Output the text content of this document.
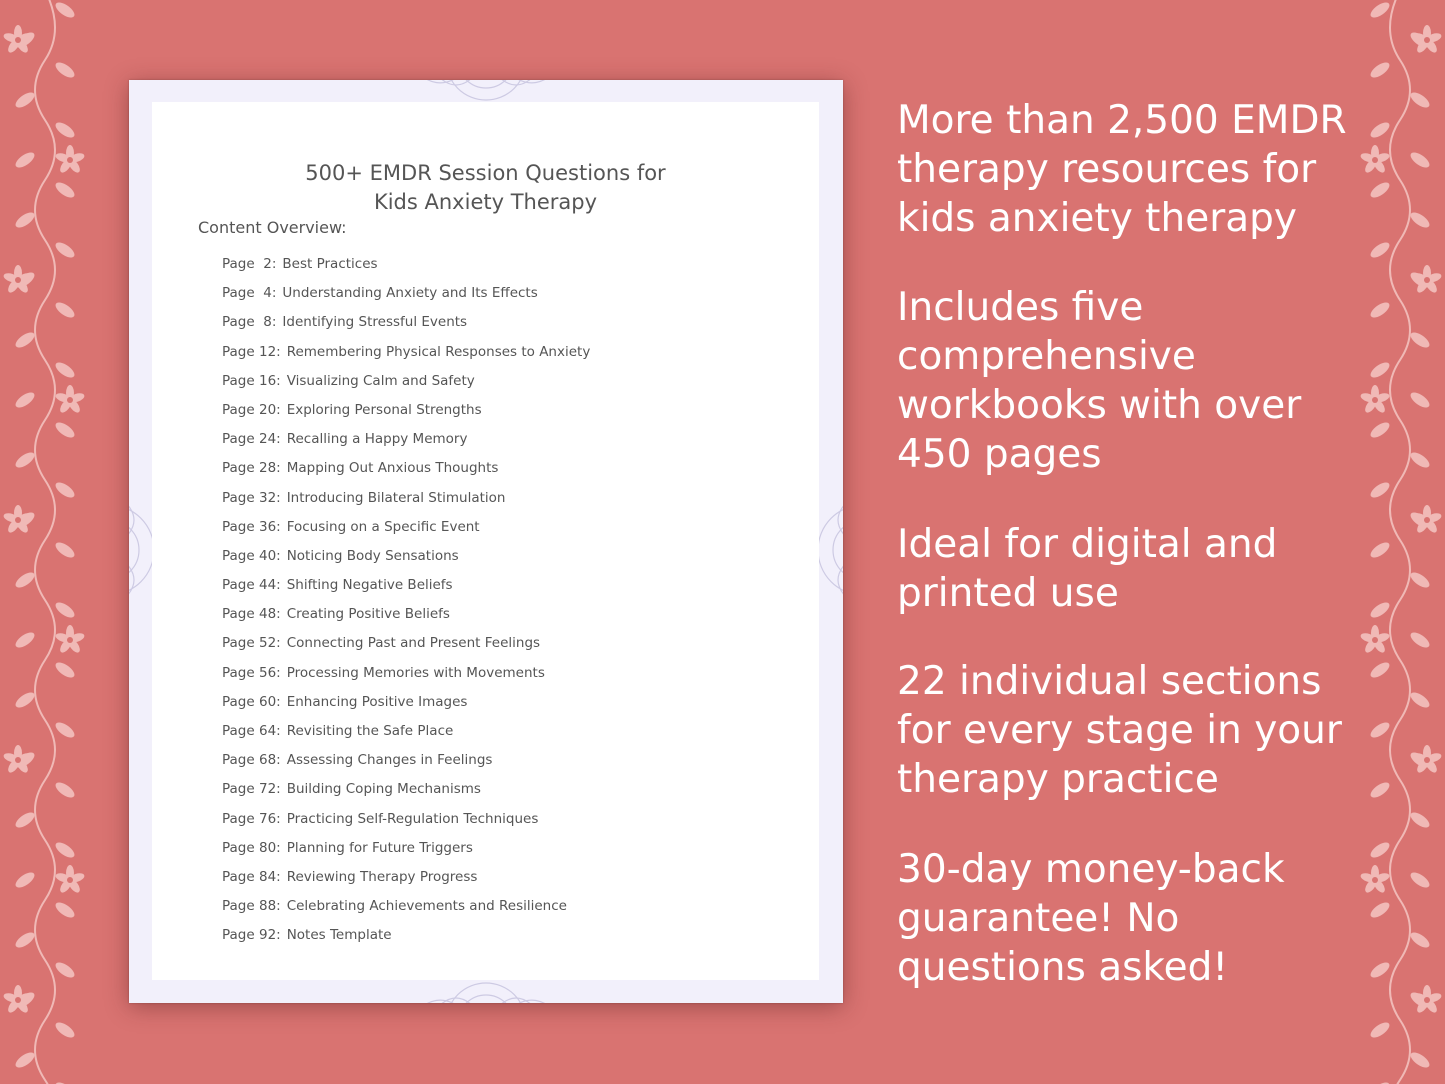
500+ EMDR Session Questions for
Kids Anxiety Therapy
Content Overview:
Page  2: Best Practices
Page  4: Understanding Anxiety and Its Effects
Page  8: Identifying Stressful Events
Page 12: Remembering Physical Responses to Anxiety
Page 16: Visualizing Calm and Safety
Page 20: Exploring Personal Strengths
Page 24: Recalling a Happy Memory
Page 28: Mapping Out Anxious Thoughts
Page 32: Introducing Bilateral Stimulation
Page 36: Focusing on a Specific Event
Page 40: Noticing Body Sensations
Page 44: Shifting Negative Beliefs
Page 48: Creating Positive Beliefs
Page 52: Connecting Past and Present Feelings
Page 56: Processing Memories with Movements
Page 60: Enhancing Positive Images
Page 64: Revisiting the Safe Place
Page 68: Assessing Changes in Feelings
Page 72: Building Coping Mechanisms
Page 76: Practicing Self-Regulation Techniques
Page 80: Planning for Future Triggers
Page 84: Reviewing Therapy Progress
Page 88: Celebrating Achievements and Resilience
Page 92: Notes Template
More than 2,500 EMDR
therapy resources for
kids anxiety therapy
Includes five
comprehensive
workbooks with over
450 pages
Ideal for digital and
printed use
22 individual sections
for every stage in your
therapy practice
30-day money-back
guarantee! No
questions asked!
